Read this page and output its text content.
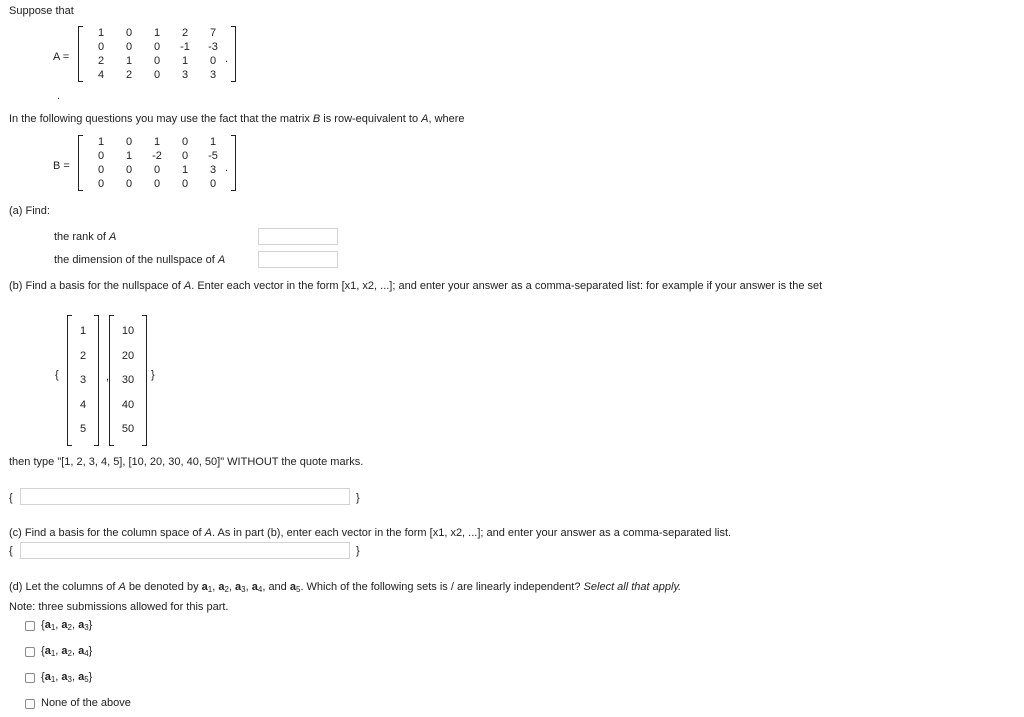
Suppose that
A =
1	0	1	2	7
0	0	0	-1	-3
2	1	0	1	0
4	2	0	3	3
.
.
In the following questions you may use the fact that the matrix B is row-equivalent to A, where
B =
1	0	1	0	1
0	1	-2	0	-5
0	0	0	1	3
0	0	0	0	0
.
(a) Find:
the rank of A
the dimension of the nullspace of A
(b) Find a basis for the nullspace of A. Enter each vector in the form [x1, x2, ...]; and enter your answer as a comma-separated list: for example if your answer is the set
{
1
2
3
4
5
,
10
20
30
40
50
}
then type "[1, 2, 3, 4, 5], [10, 20, 30, 40, 50]" WITHOUT the quote marks.
{	}
(c) Find a basis for the column space of A. As in part (b), enter each vector in the form [x1, x2, ...]; and enter your answer as a comma-separated list.
{	}
(d) Let the columns of A be denoted by $a_1$, $a_2$, $a_3$, $a_4$, and $a_5$. Which of the following sets is / are linearly independent? Select all that apply.
Note: three submissions allowed for this part.
{$a_1$, $a_2$, $a_3$}
{$a_1$, $a_2$, $a_4$}
{$a_1$, $a_3$, $a_5$}
None of the above
